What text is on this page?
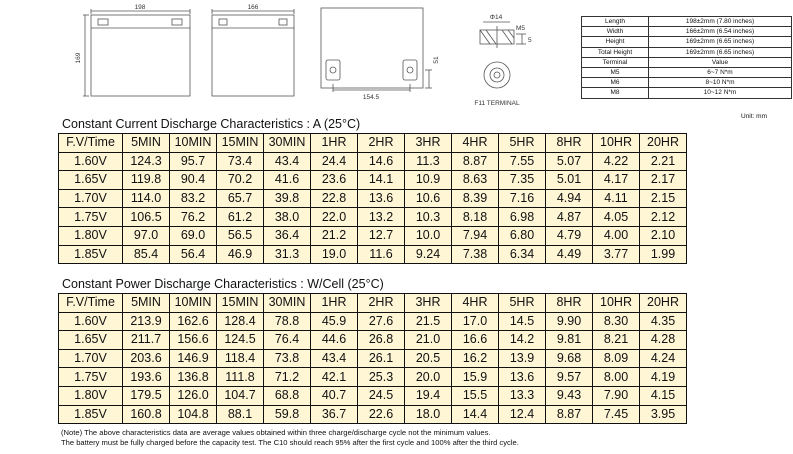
198
169
166
154.5
51
Φ14
M5
5
F11 TERMINAL
Length	198±2mm (7.80 inches)
Width	166±2mm (6.54 inches)
Height	169±2mm (6.65 inches)
Total Height	169±2mm (6.65 inches)
Terminal	Value
M5	6~7 N*m
M6	8~10 N*m
M8	10~12 N*m
Unit: mm
Constant Current Discharge Characteristics : A (25°C)
F.V/Time	5MIN	10MIN	15MIN	30MIN	1HR	2HR	3HR	4HR	5HR	8HR	10HR	20HR
1.60V	124.3	95.7	73.4	43.4	24.4	14.6	11.3	8.87	7.55	5.07	4.22	2.21
1.65V	119.8	90.4	70.2	41.6	23.6	14.1	10.9	8.63	7.35	5.01	4.17	2.17
1.70V	114.0	83.2	65.7	39.8	22.8	13.6	10.6	8.39	7.16	4.94	4.11	2.15
1.75V	106.5	76.2	61.2	38.0	22.0	13.2	10.3	8.18	6.98	4.87	4.05	2.12
1.80V	97.0	69.0	56.5	36.4	21.2	12.7	10.0	7.94	6.80	4.79	4.00	2.10
1.85V	85.4	56.4	46.9	31.3	19.0	11.6	9.24	7.38	6.34	4.49	3.77	1.99
Constant Power Discharge Characteristics : W/Cell (25°C)
F.V/Time	5MIN	10MIN	15MIN	30MIN	1HR	2HR	3HR	4HR	5HR	8HR	10HR	20HR
1.60V	213.9	162.6	128.4	78.8	45.9	27.6	21.5	17.0	14.5	9.90	8.30	4.35
1.65V	211.7	156.6	124.5	76.4	44.6	26.8	21.0	16.6	14.2	9.81	8.21	4.28
1.70V	203.6	146.9	118.4	73.8	43.4	26.1	20.5	16.2	13.9	9.68	8.09	4.24
1.75V	193.6	136.8	111.8	71.2	42.1	25.3	20.0	15.9	13.6	9.57	8.00	4.19
1.80V	179.5	126.0	104.7	68.8	40.7	24.5	19.4	15.5	13.3	9.43	7.90	4.15
1.85V	160.8	104.8	88.1	59.8	36.7	22.6	18.0	14.4	12.4	8.87	7.45	3.95
(Note) The above characteristics data are average values obtained within three charge/discharge cycle not the minimum values.
The battery must be fully charged before the capacity test. The C10 should reach 95% after the first cycle and 100% after the third cycle.
